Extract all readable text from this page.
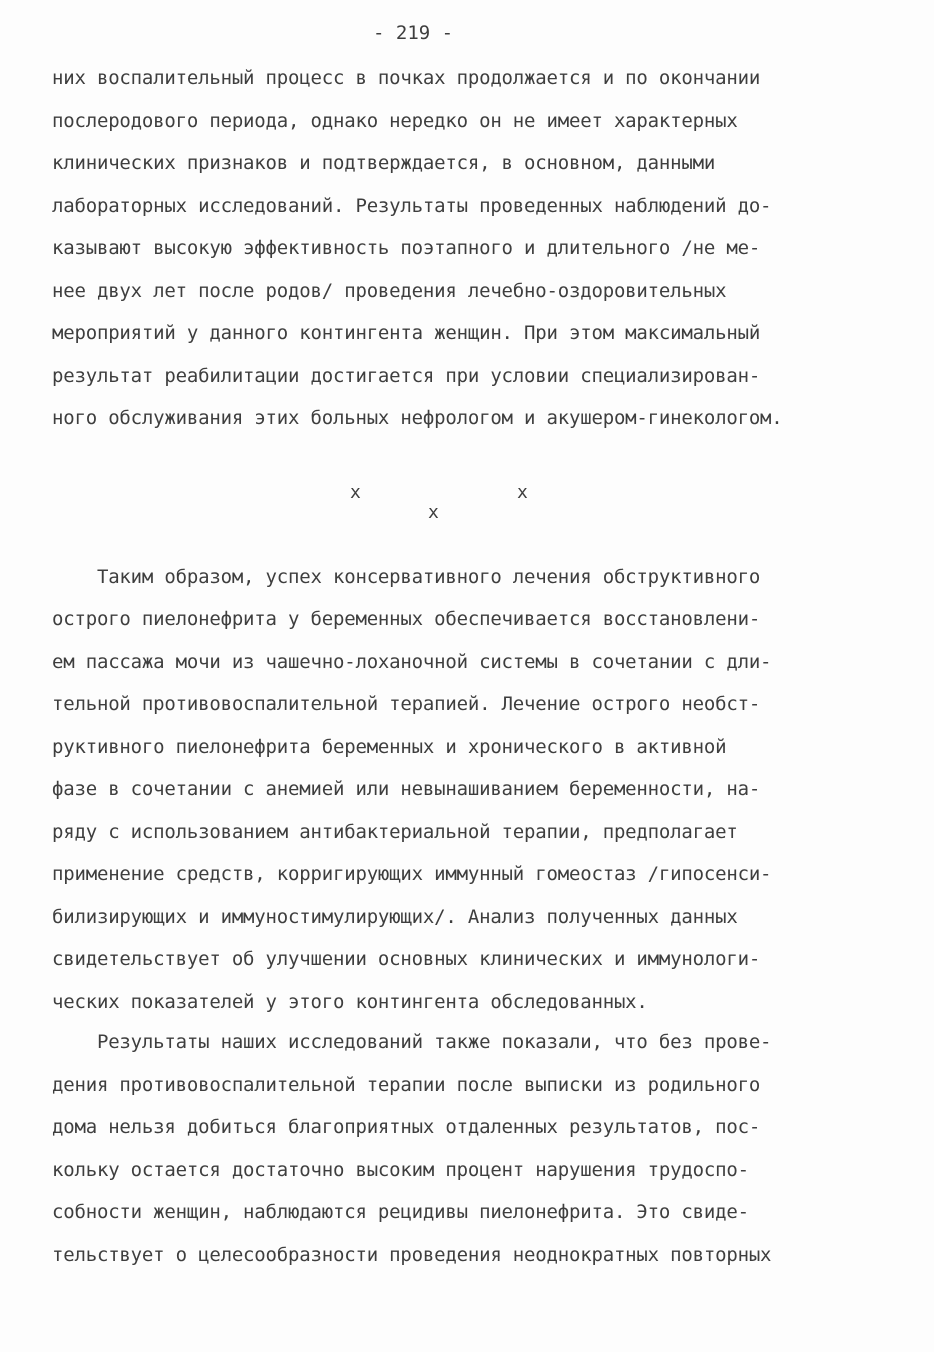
- 219 -
них воспалительный процесс в почках продолжается и по окончании
послеродового периода, однако нередко он не имеет характерных
клинических признаков и подтверждается, в основном, данными
лабораторных исследований. Результаты проведенных наблюдений до-
казывают высокую эффективность поэтапного и длительного /не ме-
нее двух лет после родов/ проведения лечебно-оздоровительных
мероприятий у данного контингента женщин. При этом максимальный
результат реабилитации достигается при условии специализирован-
ного обслуживания этих больных нефрологом и акушером-гинекологом.
x
x
x
Таким образом, успех консервативного лечения обструктивного
острого пиелонефрита у беременных обеспечивается восстановлени-
ем пассажа мочи из чашечно-лоханочной системы в сочетании с дли-
тельной противовоспалительной терапией. Лечение острого необст-
руктивного пиелонефрита беременных и хронического в активной
фазе в сочетании с анемией или невынашиванием беременности, на-
ряду с использованием антибактериальной терапии, предполагает
применение средств, корригирующих иммунный гомеостаз /гипосенси-
билизирующих и иммуностимулирующих/. Анализ полученных данных
свидетельствует об улучшении основных клинических и иммунологи-
ческих показателей у этого контингента обследованных.
Результаты наших исследований также показали, что без прове-
дения противовоспалительной терапии после выписки из родильного
дома нельзя добиться благоприятных отдаленных результатов, пос-
кольку остается достаточно высоким процент нарушения трудоспо-
собности женщин, наблюдаются рецидивы пиелонефрита. Это свиде-
тельствует о целесообразности проведения неоднократных повторных
